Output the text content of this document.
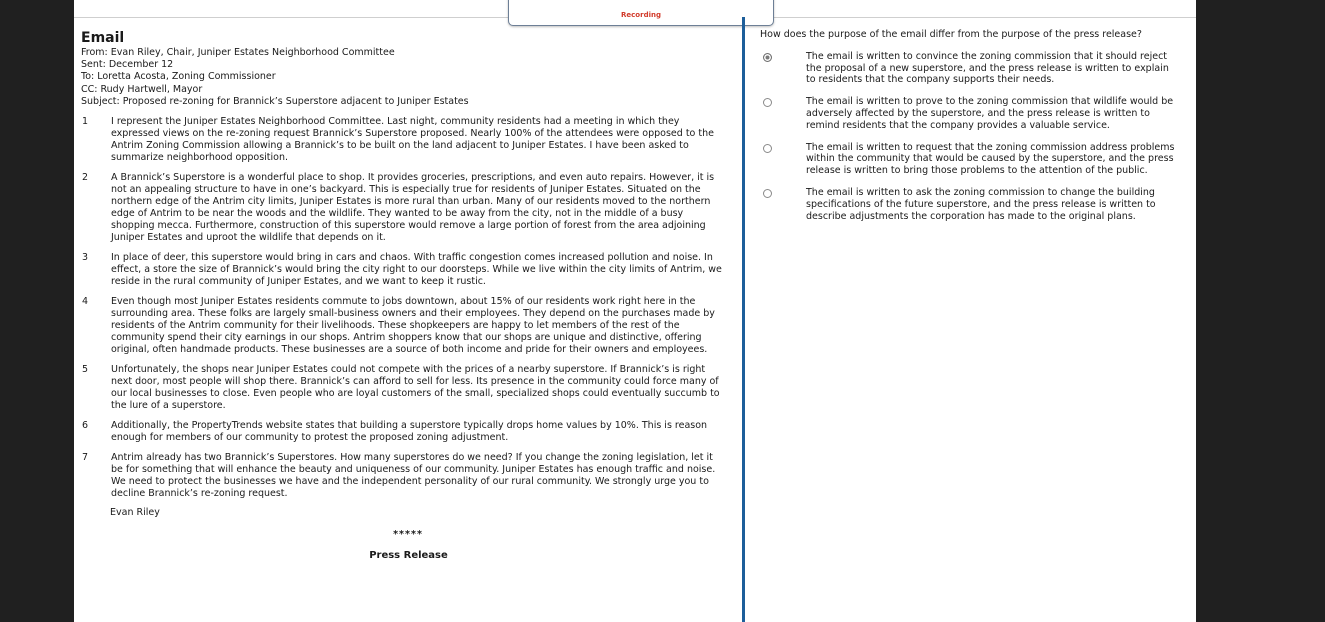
Recording
Email
From: Evan Riley, Chair, Juniper Estates Neighborhood Committee
Sent: December 12
To: Loretta Acosta, Zoning Commissioner
CC: Rudy Hartwell, Mayor
Subject: Proposed re-zoning for Brannick’s Superstore adjacent to Juniper Estates
1	I represent the Juniper Estates Neighborhood Committee. Last night, community residents had a meeting in which they expressed views on the re-zoning request Brannick’s Superstore proposed. Nearly 100% of the attendees were opposed to the Antrim Zoning Commission allowing a Brannick’s to be built on the land adjacent to Juniper Estates. I have been asked to summarize neighborhood opposition.
2	A Brannick’s Superstore is a wonderful place to shop. It provides groceries, prescriptions, and even auto repairs. However, it is not an appealing structure to have in one’s backyard. This is especially true for residents of Juniper Estates. Situated on the northern edge of the Antrim city limits, Juniper Estates is more rural than urban. Many of our residents moved to the northern edge of Antrim to be near the woods and the wildlife. They wanted to be away from the city, not in the middle of a busy shopping mecca. Furthermore, construction of this superstore would remove a large portion of forest from the area adjoining Juniper Estates and uproot the wildlife that depends on it.
3	In place of deer, this superstore would bring in cars and chaos. With traffic congestion comes increased pollution and noise. In effect, a store the size of Brannick’s would bring the city right to our doorsteps. While we live within the city limits of Antrim, we reside in the rural community of Juniper Estates, and we want to keep it rustic.
4	Even though most Juniper Estates residents commute to jobs downtown, about 15% of our residents work right here in the surrounding area. These folks are largely small-business owners and their employees. They depend on the purchases made by residents of the Antrim community for their livelihoods. These shopkeepers are happy to let members of the rest of the community spend their city earnings in our shops. Antrim shoppers know that our shops are unique and distinctive, offering original, often handmade products. These businesses are a source of both income and pride for their owners and employees.
5	Unfortunately, the shops near Juniper Estates could not compete with the prices of a nearby superstore. If Brannick’s is right next door, most people will shop there. Brannick’s can afford to sell for less. Its presence in the community could force many of our local businesses to close. Even people who are loyal customers of the small, specialized shops could eventually succumb to the lure of a superstore.
6	Additionally, the PropertyTrends website states that building a superstore typically drops home values by 10%. This is reason enough for members of our community to protest the proposed zoning adjustment.
7	Antrim already has two Brannick’s Superstores. How many superstores do we need? If you change the zoning legislation, let it be for something that will enhance the beauty and uniqueness of our community. Juniper Estates has enough traffic and noise. We need to protect the businesses we have and the independent personality of our rural community. We strongly urge you to decline Brannick’s re-zoning request.
Evan Riley
*****
Press Release
How does the purpose of the email differ from the purpose of the press release?
The email is written to convince the zoning commission that it should reject the proposal of a new superstore, and the press release is written to explain to residents that the company supports their needs.
The email is written to prove to the zoning commission that wildlife would be adversely affected by the superstore, and the press release is written to remind residents that the company provides a valuable service.
The email is written to request that the zoning commission address problems within the community that would be caused by the superstore, and the press release is written to bring those problems to the attention of the public.
The email is written to ask the zoning commission to change the building specifications of the future superstore, and the press release is written to describe adjustments the corporation has made to the original plans.
